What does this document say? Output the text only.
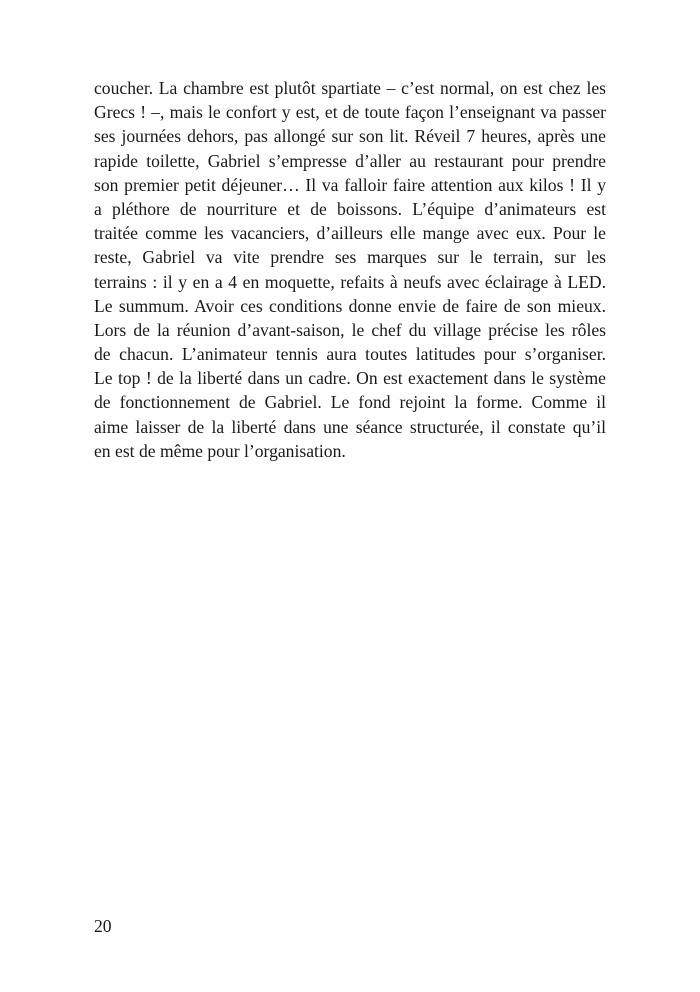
coucher. La chambre est plutôt spartiate – c’est normal, on est chez les
Grecs ! –, mais le confort y est, et de toute façon l’enseignant va passer
ses journées dehors, pas allongé sur son lit. Réveil 7 heures, après une
rapide toilette, Gabriel s’empresse d’aller au restaurant pour prendre
son premier petit déjeuner… Il va falloir faire attention aux kilos ! Il y
a pléthore de nourriture et de boissons. L’équipe d’animateurs est
traitée comme les vacanciers, d’ailleurs elle mange avec eux. Pour le
reste, Gabriel va vite prendre ses marques sur le terrain, sur les
terrains : il y en a 4 en moquette, refaits à neufs avec éclairage à LED.
Le summum. Avoir ces conditions donne envie de faire de son mieux.
Lors de la réunion d’avant-saison, le chef du village précise les rôles
de chacun. L’animateur tennis aura toutes latitudes pour s’organiser.
Le top ! de la liberté dans un cadre. On est exactement dans le système
de fonctionnement de Gabriel. Le fond rejoint la forme. Comme il
aime laisser de la liberté dans une séance structurée, il constate qu’il
en est de même pour l’organisation.

20
